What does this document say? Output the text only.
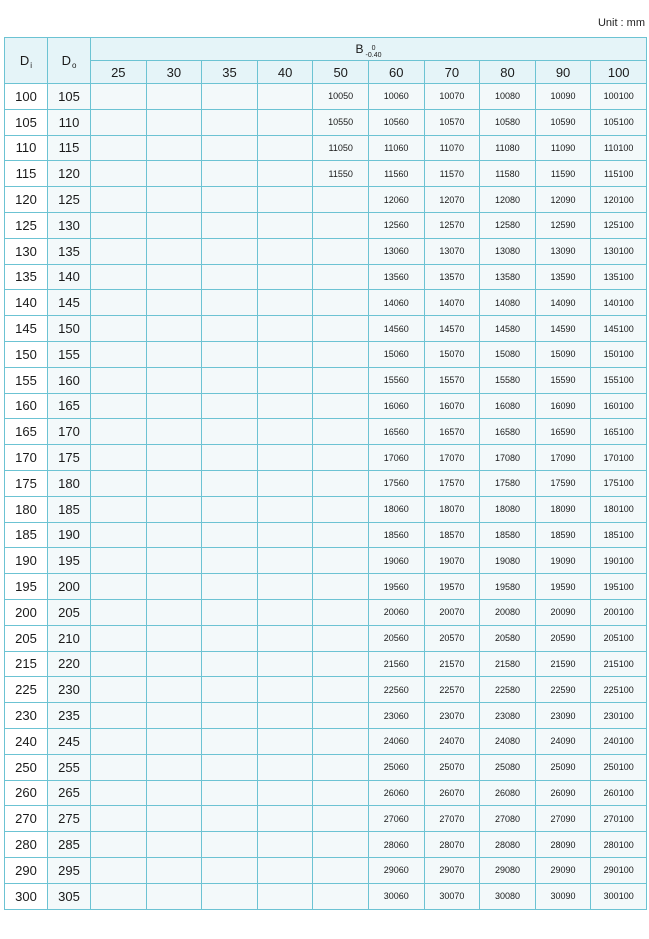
Unit : mm
$D_i$	$D_o$	B 0
-0.40									

		25	30	35	40	50	60	70	80	90	100
100	105					10050	10060	10070	10080	10090	100100
105	110					10550	10560	10570	10580	10590	105100
110	115					11050	11060	11070	11080	11090	110100
115	120					11550	11560	11570	11580	11590	115100
120	125						12060	12070	12080	12090	120100
125	130						12560	12570	12580	12590	125100
130	135						13060	13070	13080	13090	130100
135	140						13560	13570	13580	13590	135100
140	145						14060	14070	14080	14090	140100
145	150						14560	14570	14580	14590	145100
150	155						15060	15070	15080	15090	150100
155	160						15560	15570	15580	15590	155100
160	165						16060	16070	16080	16090	160100
165	170						16560	16570	16580	16590	165100
170	175						17060	17070	17080	17090	170100
175	180						17560	17570	17580	17590	175100
180	185						18060	18070	18080	18090	180100
185	190						18560	18570	18580	18590	185100
190	195						19060	19070	19080	19090	190100
195	200						19560	19570	19580	19590	195100
200	205						20060	20070	20080	20090	200100
205	210						20560	20570	20580	20590	205100
215	220						21560	21570	21580	21590	215100
225	230						22560	22570	22580	22590	225100
230	235						23060	23070	23080	23090	230100
240	245						24060	24070	24080	24090	240100
250	255						25060	25070	25080	25090	250100
260	265						26060	26070	26080	26090	260100
270	275						27060	27070	27080	27090	270100
280	285						28060	28070	28080	28090	280100
290	295						29060	29070	29080	29090	290100
300	305						30060	30070	30080	30090	300100
